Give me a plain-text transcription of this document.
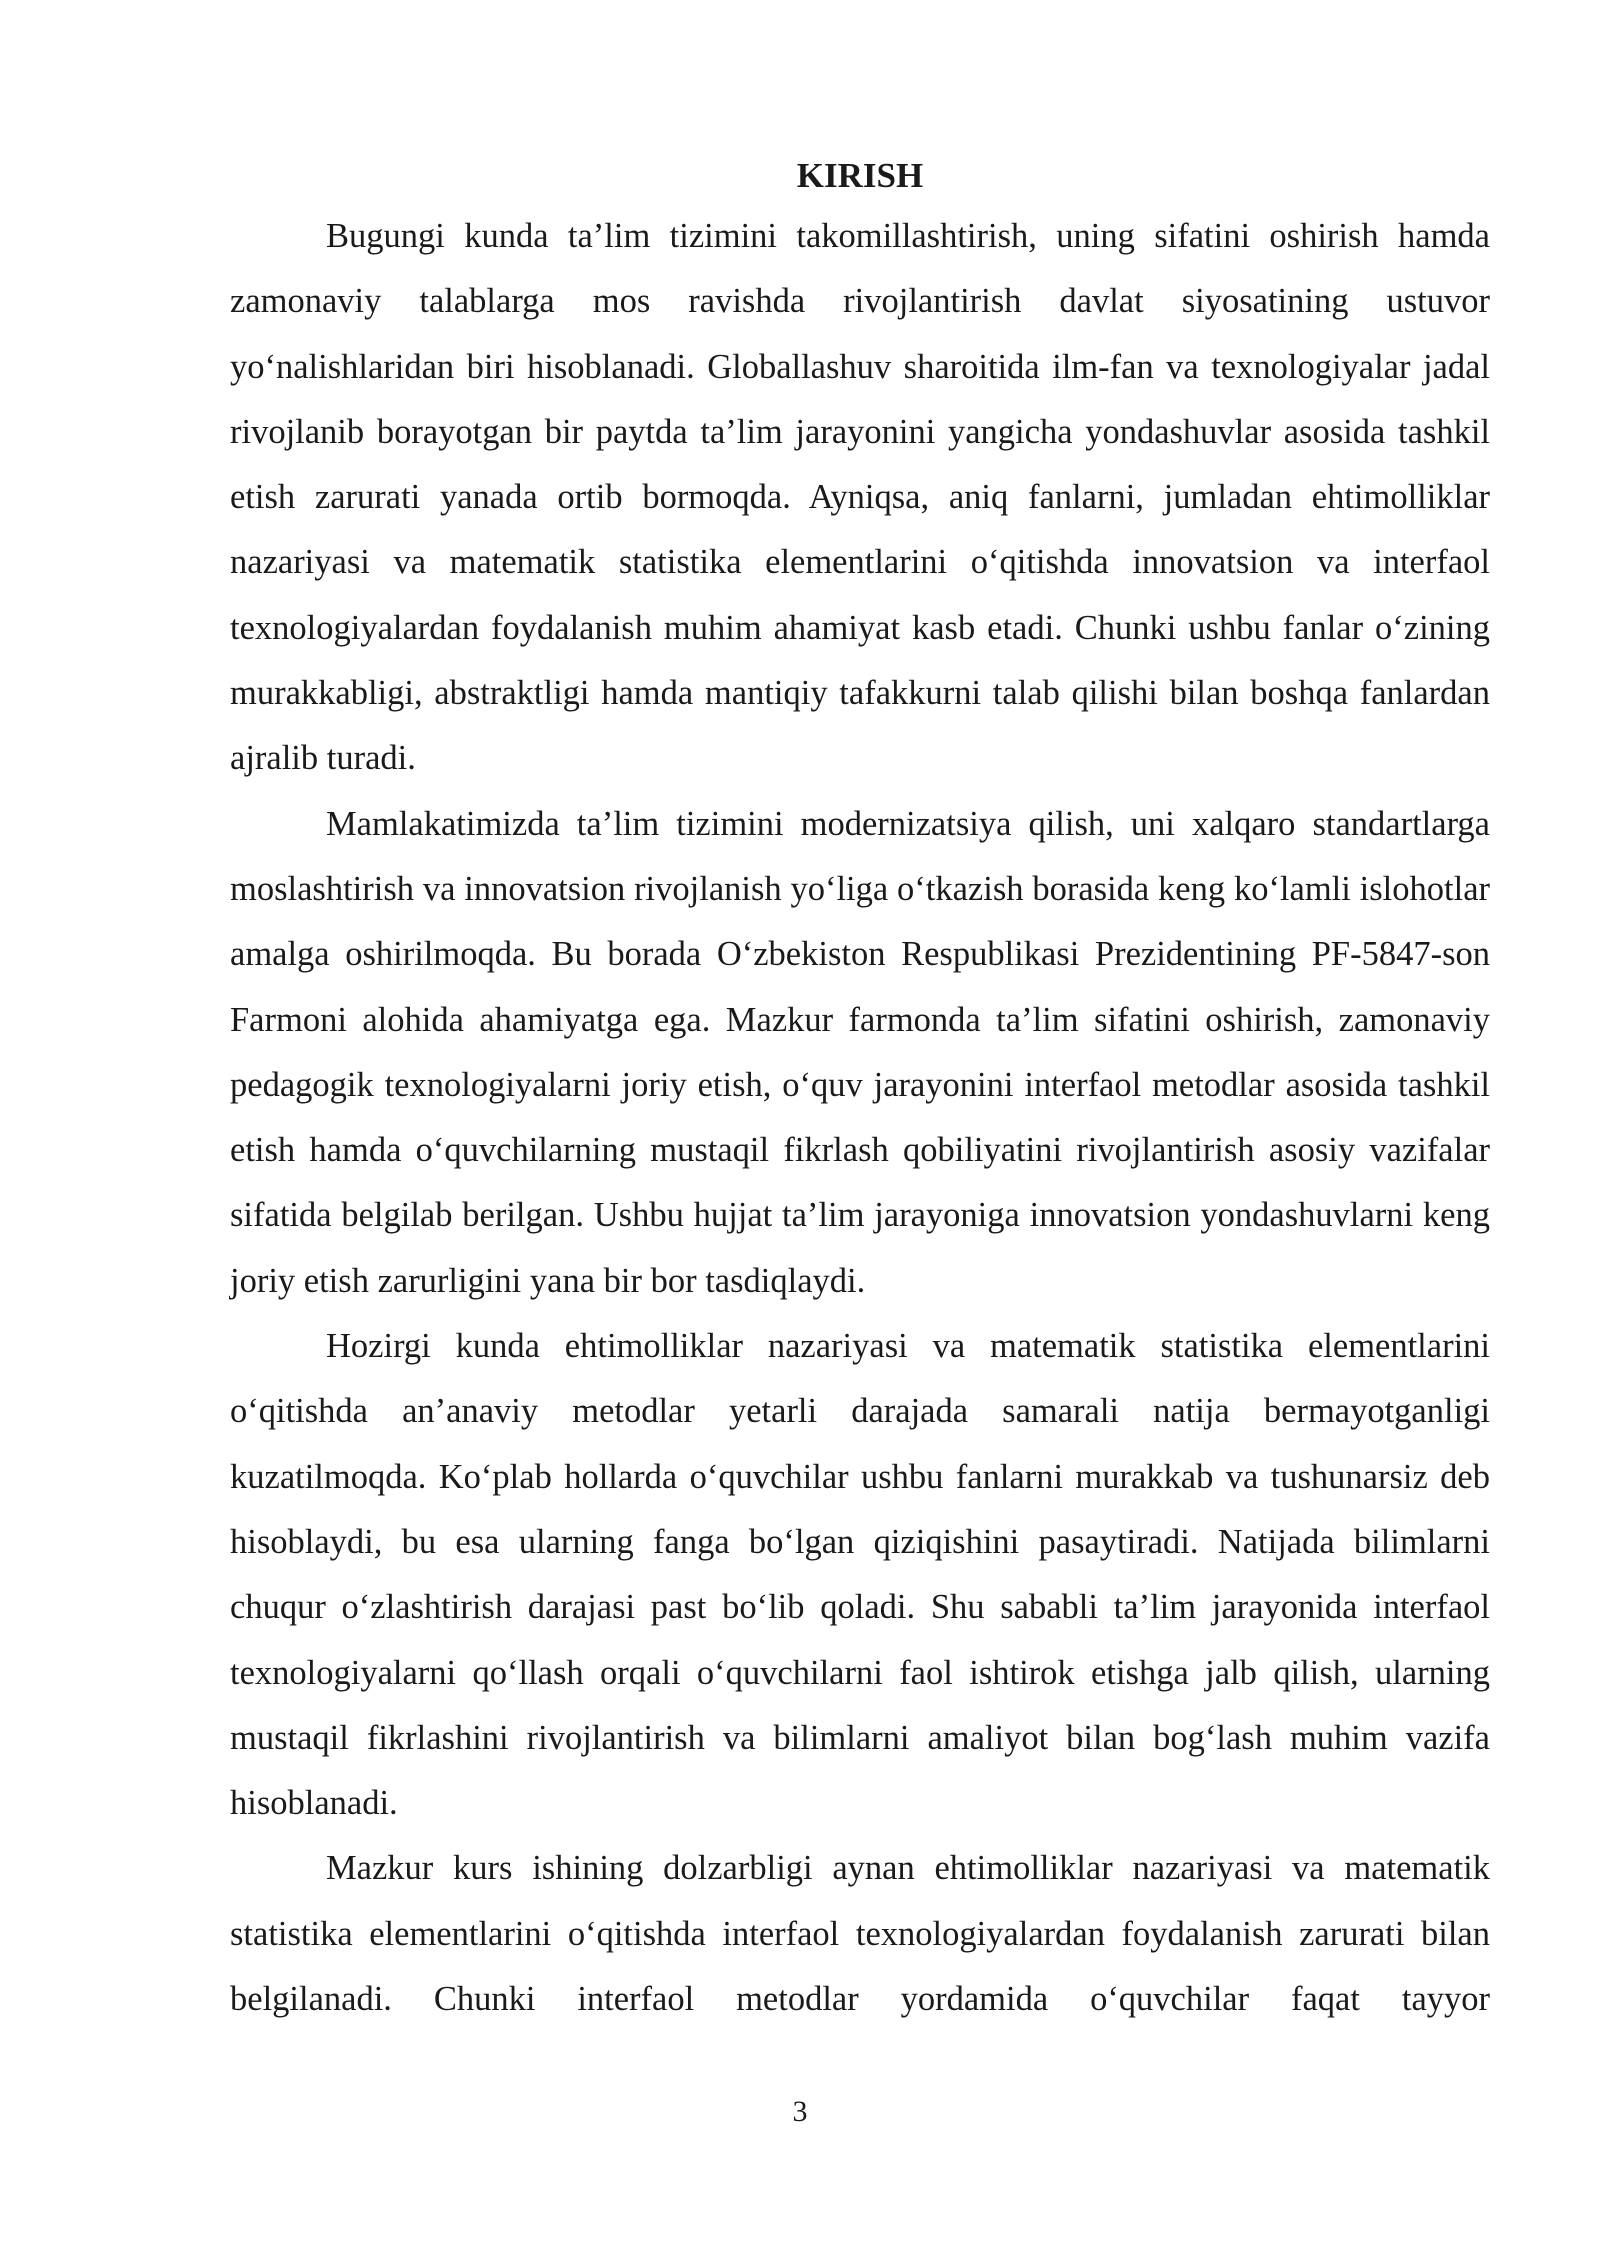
KIRISH

Bugungi kunda ta’lim tizimini takomillashtirish, uning sifatini oshirish hamda zamonaviy talablarga mos ravishda rivojlantirish davlat siyosatining ustuvor yo‘nalishlaridan biri hisoblanadi. Globallashuv sharoitida ilm-fan va texnologiyalar jadal rivojlanib borayotgan bir paytda ta’lim jarayonini yangicha yondashuvlar asosida tashkil etish zarurati yanada ortib bormoqda. Ayniqsa, aniq fanlarni, jumladan ehtimolliklar nazariyasi va matematik statistika elementlarini o‘qitishda innovatsion va interfaol texnologiyalardan foydalanish muhim ahamiyat kasb etadi. Chunki ushbu fanlar o‘zining murakkabligi, abstraktligi hamda mantiqiy tafakkurni talab qilishi bilan boshqa fanlardan ajralib turadi.

Mamlakatimizda ta’lim tizimini modernizatsiya qilish, uni xalqaro standartlarga moslashtirish va innovatsion rivojlanish yo‘liga o‘tkazish borasida keng ko‘lamli islohotlar amalga oshirilmoqda. Bu borada O‘zbekiston Respublikasi Prezidentining PF-5847-son Farmoni alohida ahamiyatga ega. Mazkur farmonda ta’lim sifatini oshirish, zamonaviy pedagogik texnologiyalarni joriy etish, o‘quv jarayonini interfaol metodlar asosida tashkil etish hamda o‘quvchilarning mustaqil fikrlash qobiliyatini rivojlantirish asosiy vazifalar sifatida belgilab berilgan. Ushbu hujjat ta’lim jarayoniga innovatsion yondashuvlarni keng joriy etish zarurligini yana bir bor tasdiqlaydi.

Hozirgi kunda ehtimolliklar nazariyasi va matematik statistika elementlarini o‘qitishda an’anaviy metodlar yetarli darajada samarali natija bermayotganligi kuzatilmoqda. Ko‘plab hollarda o‘quvchilar ushbu fanlarni murakkab va tushunarsiz deb hisoblaydi, bu esa ularning fanga bo‘lgan qiziqishini pasaytiradi. Natijada bilimlarni chuqur o‘zlashtirish darajasi past bo‘lib qoladi. Shu sababli ta’lim jarayonida interfaol texnologiyalarni qo‘llash orqali o‘quvchilarni faol ishtirok etishga jalb qilish, ularning mustaqil fikrlashini rivojlantirish va bilimlarni amaliyot bilan bog‘lash muhim vazifa hisoblanadi.

Mazkur kurs ishining dolzarbligi aynan ehtimolliklar nazariyasi va matematik statistika elementlarini o‘qitishda interfaol texnologiyalardan foydalanish zarurati bilan belgilanadi. Chunki interfaol metodlar yordamida o‘quvchilar faqat tayyor

3
